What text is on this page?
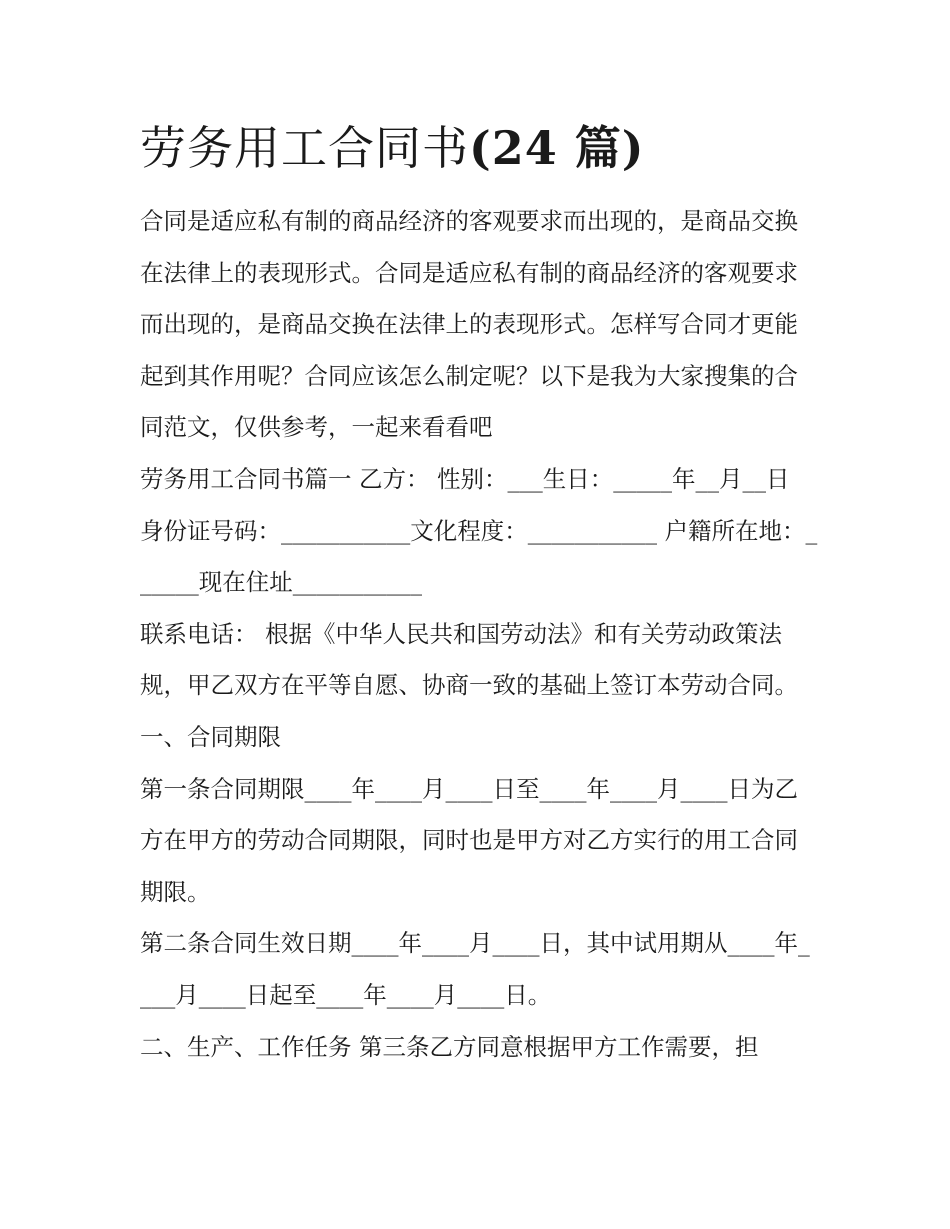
劳务用工合同书(24 篇)

合同是适应私有制的商品经济的客观要求而出现的，是商品交换在法律上的表现形式。合同是适应私有制的商品经济的客观要求而出现的，是商品交换在法律上的表现形式。怎样写合同才更能起到其作用呢？合同应该怎么制定呢？以下是我为大家搜集的合同范文，仅供参考，一起来看看吧

劳务用工合同书篇一 乙方： 性别：___生日：_____年__月__日

身份证号码：___________文化程度：___________ 户籍所在地：______现在住址___________

联系电话： 根据《中华人民共和国劳动法》和有关劳动政策法规，甲乙双方在平等自愿、协商一致的基础上签订本劳动合同。 一、合同期限

第一条合同期限____年____月____日至____年____月____日为乙方在甲方的劳动合同期限，同时也是甲方对乙方实行的用工合同期限。

第二条合同生效日期____年____月____日，其中试用期从____年____月____日起至____年____月____日。

二、生产、工作任务 第三条乙方同意根据甲方工作需要，担
